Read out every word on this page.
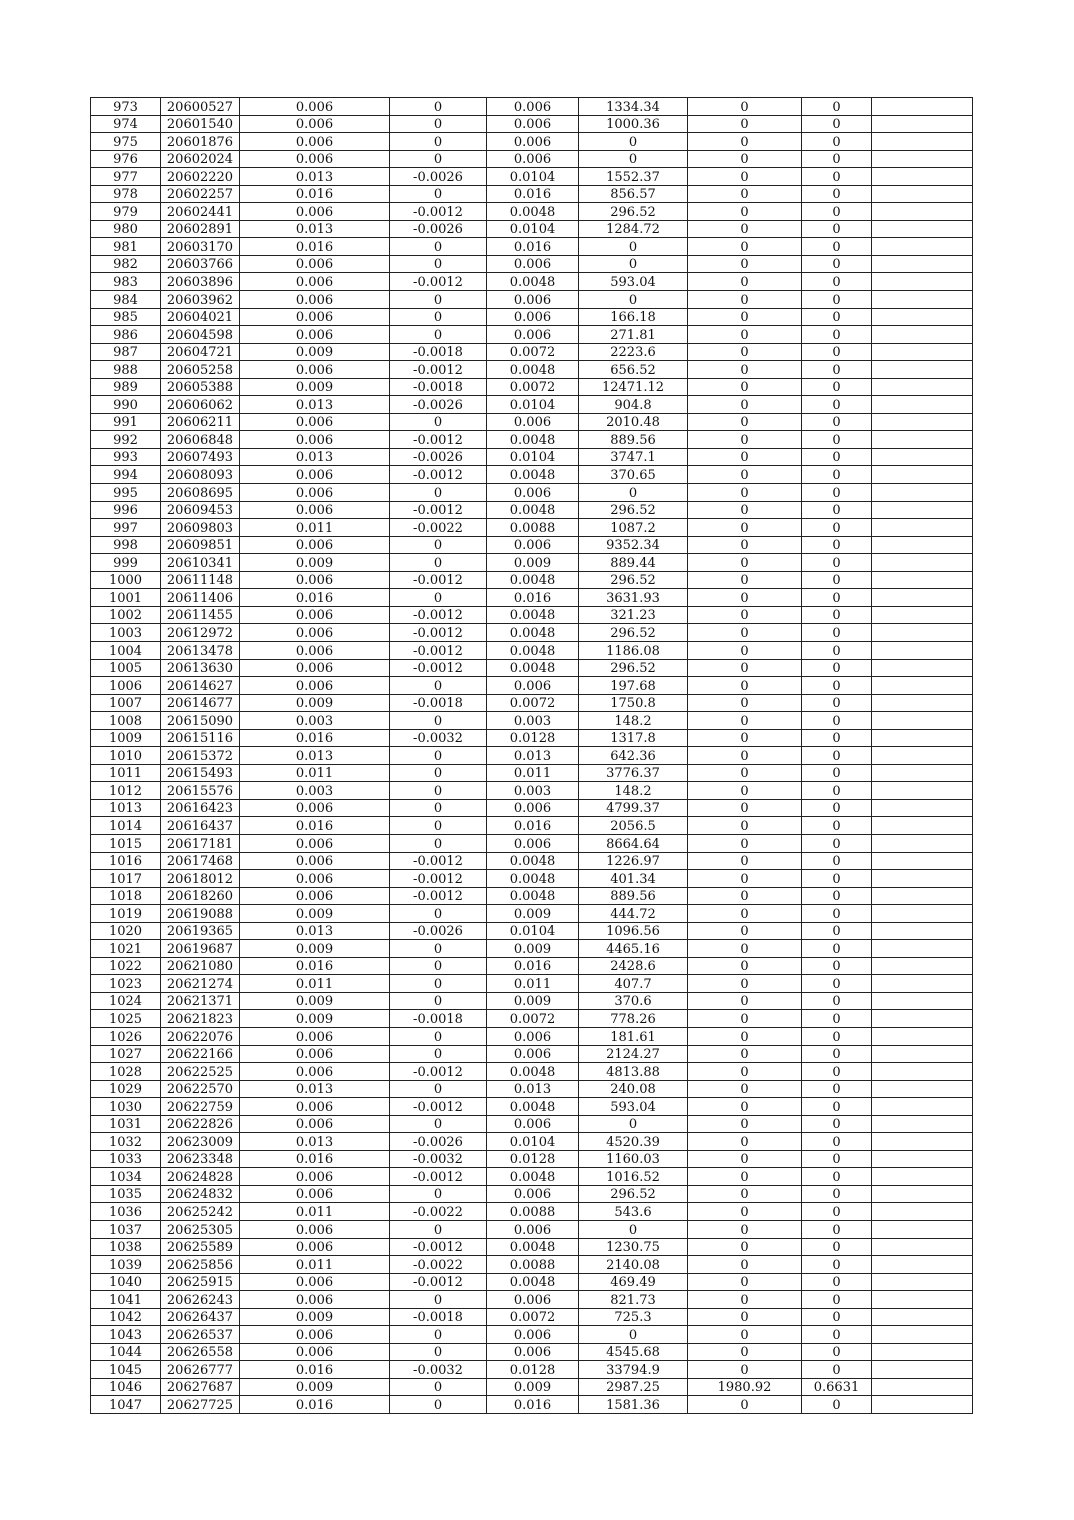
973	20600527	0.006	0	0.006	1334.34	0	0	
974	20601540	0.006	0	0.006	1000.36	0	0	
975	20601876	0.006	0	0.006	0	0	0	
976	20602024	0.006	0	0.006	0	0	0	
977	20602220	0.013	-0.0026	0.0104	1552.37	0	0	
978	20602257	0.016	0	0.016	856.57	0	0	
979	20602441	0.006	-0.0012	0.0048	296.52	0	0	
980	20602891	0.013	-0.0026	0.0104	1284.72	0	0	
981	20603170	0.016	0	0.016	0	0	0	
982	20603766	0.006	0	0.006	0	0	0	
983	20603896	0.006	-0.0012	0.0048	593.04	0	0	
984	20603962	0.006	0	0.006	0	0	0	
985	20604021	0.006	0	0.006	166.18	0	0	
986	20604598	0.006	0	0.006	271.81	0	0	
987	20604721	0.009	-0.0018	0.0072	2223.6	0	0	
988	20605258	0.006	-0.0012	0.0048	656.52	0	0	
989	20605388	0.009	-0.0018	0.0072	12471.12	0	0	
990	20606062	0.013	-0.0026	0.0104	904.8	0	0	
991	20606211	0.006	0	0.006	2010.48	0	0	
992	20606848	0.006	-0.0012	0.0048	889.56	0	0	
993	20607493	0.013	-0.0026	0.0104	3747.1	0	0	
994	20608093	0.006	-0.0012	0.0048	370.65	0	0	
995	20608695	0.006	0	0.006	0	0	0	
996	20609453	0.006	-0.0012	0.0048	296.52	0	0	
997	20609803	0.011	-0.0022	0.0088	1087.2	0	0	
998	20609851	0.006	0	0.006	9352.34	0	0	
999	20610341	0.009	0	0.009	889.44	0	0	
1000	20611148	0.006	-0.0012	0.0048	296.52	0	0	
1001	20611406	0.016	0	0.016	3631.93	0	0	
1002	20611455	0.006	-0.0012	0.0048	321.23	0	0	
1003	20612972	0.006	-0.0012	0.0048	296.52	0	0	
1004	20613478	0.006	-0.0012	0.0048	1186.08	0	0	
1005	20613630	0.006	-0.0012	0.0048	296.52	0	0	
1006	20614627	0.006	0	0.006	197.68	0	0	
1007	20614677	0.009	-0.0018	0.0072	1750.8	0	0	
1008	20615090	0.003	0	0.003	148.2	0	0	
1009	20615116	0.016	-0.0032	0.0128	1317.8	0	0	
1010	20615372	0.013	0	0.013	642.36	0	0	
1011	20615493	0.011	0	0.011	3776.37	0	0	
1012	20615576	0.003	0	0.003	148.2	0	0	
1013	20616423	0.006	0	0.006	4799.37	0	0	
1014	20616437	0.016	0	0.016	2056.5	0	0	
1015	20617181	0.006	0	0.006	8664.64	0	0	
1016	20617468	0.006	-0.0012	0.0048	1226.97	0	0	
1017	20618012	0.006	-0.0012	0.0048	401.34	0	0	
1018	20618260	0.006	-0.0012	0.0048	889.56	0	0	
1019	20619088	0.009	0	0.009	444.72	0	0	
1020	20619365	0.013	-0.0026	0.0104	1096.56	0	0	
1021	20619687	0.009	0	0.009	4465.16	0	0	
1022	20621080	0.016	0	0.016	2428.6	0	0	
1023	20621274	0.011	0	0.011	407.7	0	0	
1024	20621371	0.009	0	0.009	370.6	0	0	
1025	20621823	0.009	-0.0018	0.0072	778.26	0	0	
1026	20622076	0.006	0	0.006	181.61	0	0	
1027	20622166	0.006	0	0.006	2124.27	0	0	
1028	20622525	0.006	-0.0012	0.0048	4813.88	0	0	
1029	20622570	0.013	0	0.013	240.08	0	0	
1030	20622759	0.006	-0.0012	0.0048	593.04	0	0	
1031	20622826	0.006	0	0.006	0	0	0	
1032	20623009	0.013	-0.0026	0.0104	4520.39	0	0	
1033	20623348	0.016	-0.0032	0.0128	1160.03	0	0	
1034	20624828	0.006	-0.0012	0.0048	1016.52	0	0	
1035	20624832	0.006	0	0.006	296.52	0	0	
1036	20625242	0.011	-0.0022	0.0088	543.6	0	0	
1037	20625305	0.006	0	0.006	0	0	0	
1038	20625589	0.006	-0.0012	0.0048	1230.75	0	0	
1039	20625856	0.011	-0.0022	0.0088	2140.08	0	0	
1040	20625915	0.006	-0.0012	0.0048	469.49	0	0	
1041	20626243	0.006	0	0.006	821.73	0	0	
1042	20626437	0.009	-0.0018	0.0072	725.3	0	0	
1043	20626537	0.006	0	0.006	0	0	0	
1044	20626558	0.006	0	0.006	4545.68	0	0	
1045	20626777	0.016	-0.0032	0.0128	33794.9	0	0	
1046	20627687	0.009	0	0.009	2987.25	1980.92	0.6631	
1047	20627725	0.016	0	0.016	1581.36	0	0	
